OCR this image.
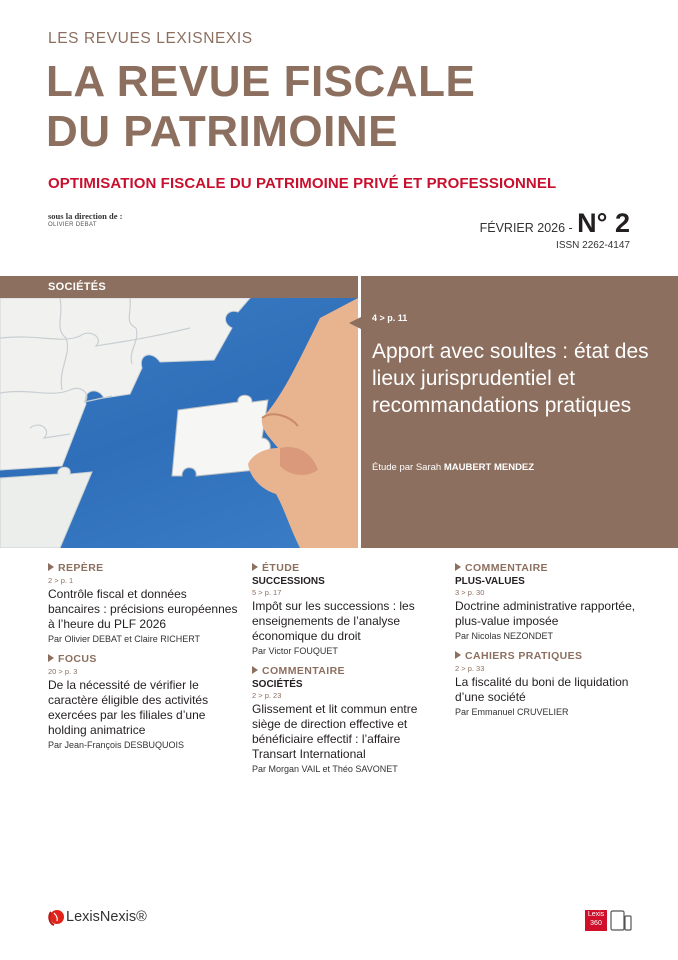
LES REVUES LEXISNEXIS
LA REVUE FISCALE
DU PATRIMOINE
OPTIMISATION FISCALE DU PATRIMOINE PRIVÉ ET PROFESSIONNEL
sous la direction de :
OLIVIER DEBAT	FÉVRIER 2026 - N° 2
ISSN 2262-4147
SOCIÉTÉS
4 > p. 11
Apport avec soultes : état des lieux jurisprudentiel et recommandations pratiques
Étude par Sarah MAUBERT MENDEZ
REPÈRE
2 > p. 1
Contrôle fiscal et données bancaires : précisions européennes à l’heure du PLF 2026
Par Olivier DEBAT et Claire RICHERT
FOCUS
20 > p. 3
De la nécessité de vérifier le caractère éligible des activités exercées par les filiales d’une holding animatrice
Par Jean-François DESBUQUOIS
ÉTUDE
SUCCESSIONS
5 > p. 17
Impôt sur les successions : les enseignements de l’analyse économique du droit
Par Victor FOUQUET
COMMENTAIRE
SOCIÉTÉS
2 > p. 23
Glissement et lit commun entre siège de direction effective et bénéficiaire effectif : l’affaire Transart International
Par Morgan VAIL et Théo SAVONET
COMMENTAIRE
PLUS-VALUES
3 > p. 30
Doctrine administrative rapportée, plus-value imposée
Par Nicolas NEZONDET
CAHIERS PRATIQUES
2 > p. 33
La fiscalité du boni de liquidation d’une société
Par Emmanuel CRUVELIER
LexisNexis®	Lexis 360
